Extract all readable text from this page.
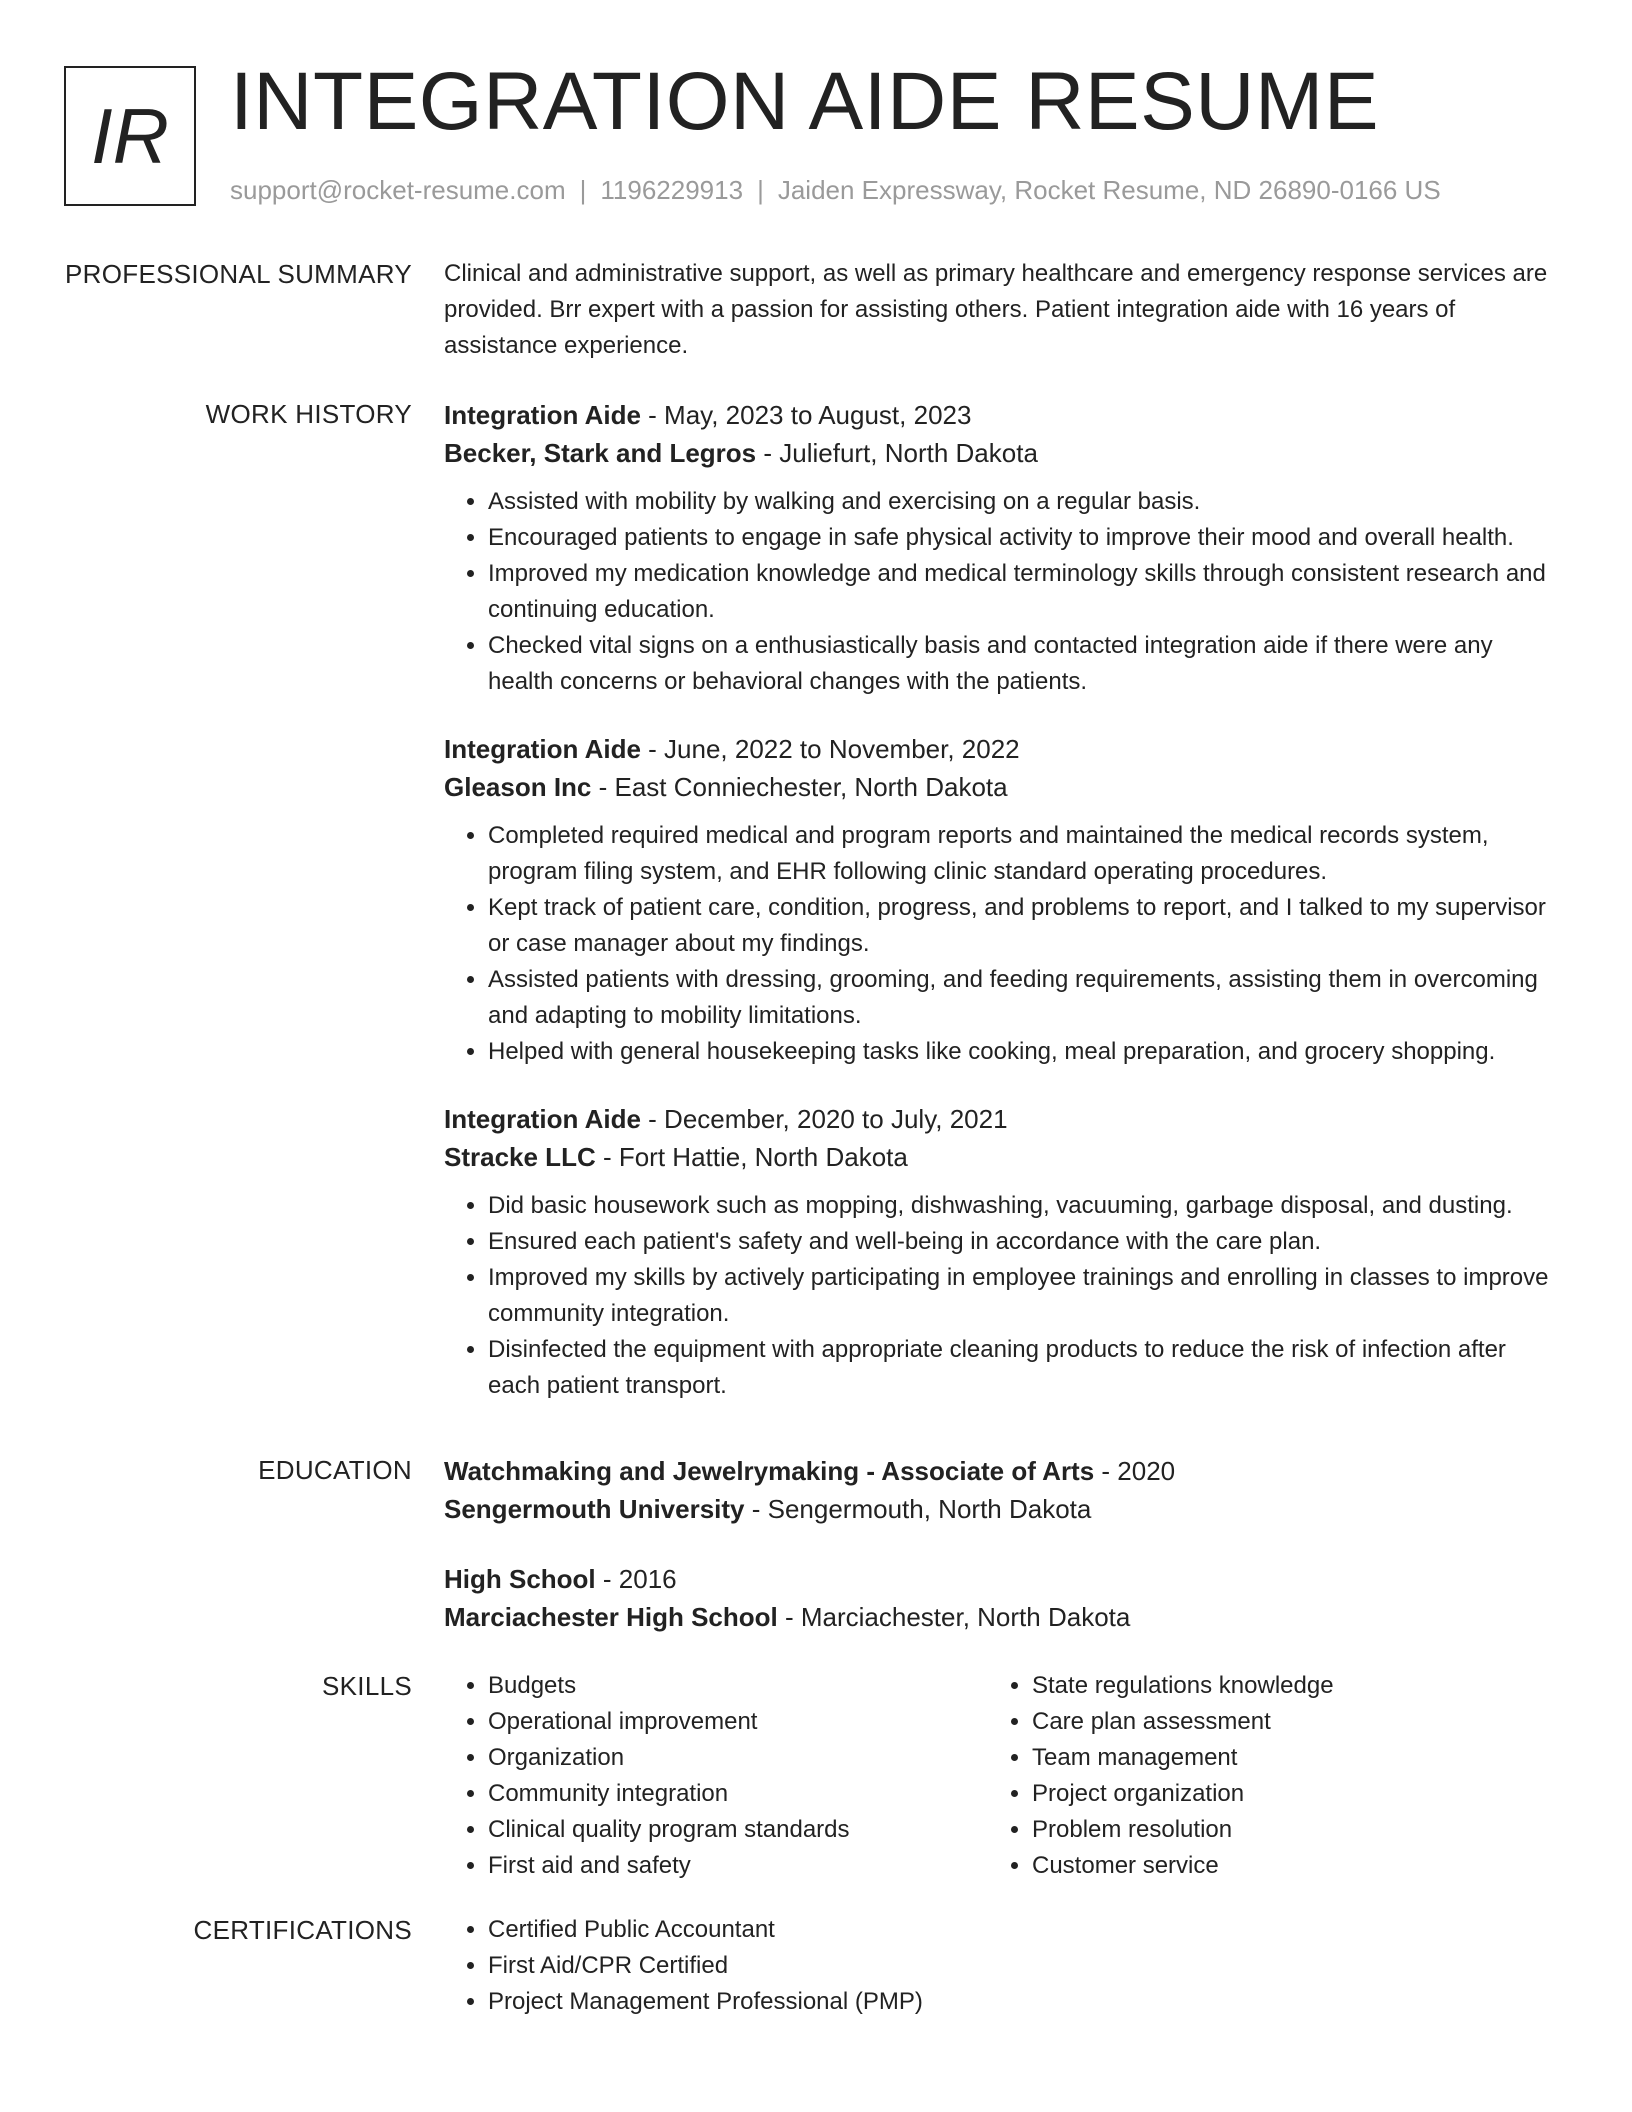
IR INTEGRATION AIDE RESUME
support@rocket-resume.com | 1196229913 | Jaiden Expressway, Rocket Resume, ND 26890-0166 US
PROFESSIONAL SUMMARY Clinical and administrative support, as well as primary healthcare and emergency response services are provided. Brr expert with a passion for assisting others. Patient integration aide with 16 years of assistance experience.

WORK HISTORY Integration Aide - May, 2023 to August, 2023
Becker, Stark and Legros - Juliefurt, North Dakota
• Assisted with mobility by walking and exercising on a regular basis.
• Encouraged patients to engage in safe physical activity to improve their mood and overall health.
• Improved my medication knowledge and medical terminology skills through consistent research and continuing education.
• Checked vital signs on a enthusiastically basis and contacted integration aide if there were any health concerns or behavioral changes with the patients.
Integration Aide - June, 2022 to November, 2022
Gleason Inc - East Conniechester, North Dakota
• Completed required medical and program reports and maintained the medical records system, program filing system, and EHR following clinic standard operating procedures.
• Kept track of patient care, condition, progress, and problems to report, and I talked to my supervisor or case manager about my findings.
• Assisted patients with dressing, grooming, and feeding requirements, assisting them in overcoming and adapting to mobility limitations.
• Helped with general housekeeping tasks like cooking, meal preparation, and grocery shopping.
Integration Aide - December, 2020 to July, 2021
Stracke LLC - Fort Hattie, North Dakota
• Did basic housework such as mopping, dishwashing, vacuuming, garbage disposal, and dusting.
• Ensured each patient's safety and well-being in accordance with the care plan.
• Improved my skills by actively participating in employee trainings and enrolling in classes to improve community integration.
• Disinfected the equipment with appropriate cleaning products to reduce the risk of infection after each patient transport.
EDUCATION Watchmaking and Jewelrymaking - Associate of Arts - 2020
Sengermouth University - Sengermouth, North Dakota
High School - 2016
Marciachester High School - Marciachester, North Dakota
SKILLS	• Budgets
• Operational improvement
• Organization
• Community integration
• Clinical quality program standards
• First aid and safety
• State regulations knowledge
• Care plan assessment
• Team management
• Project organization
• Problem resolution
• Customer service
CERTIFICATIONS	• Certified Public Accountant
• First Aid/CPR Certified
• Project Management Professional (PMP)
